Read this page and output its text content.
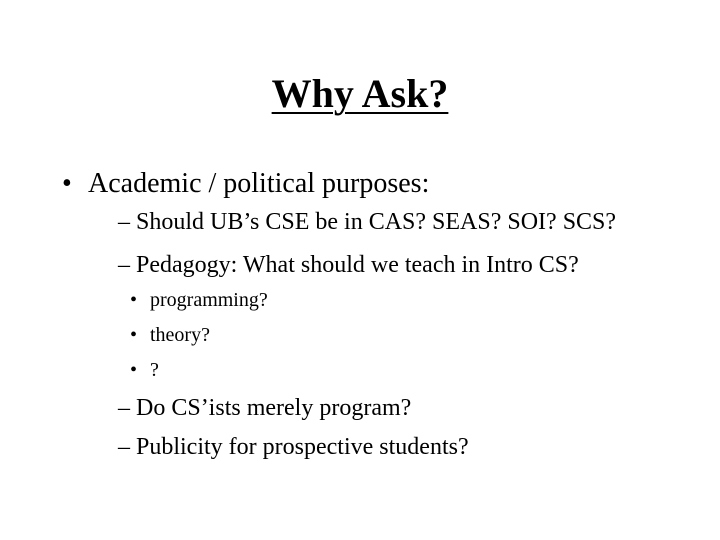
Why Ask?
• Academic / political purposes:
– Should UB’s CSE be in CAS? SEAS? SOI? SCS?
– Pedagogy: What should we teach in Intro CS?
• programming?
• theory?
• ?
– Do CS’ists merely program?
– Publicity for prospective students?
